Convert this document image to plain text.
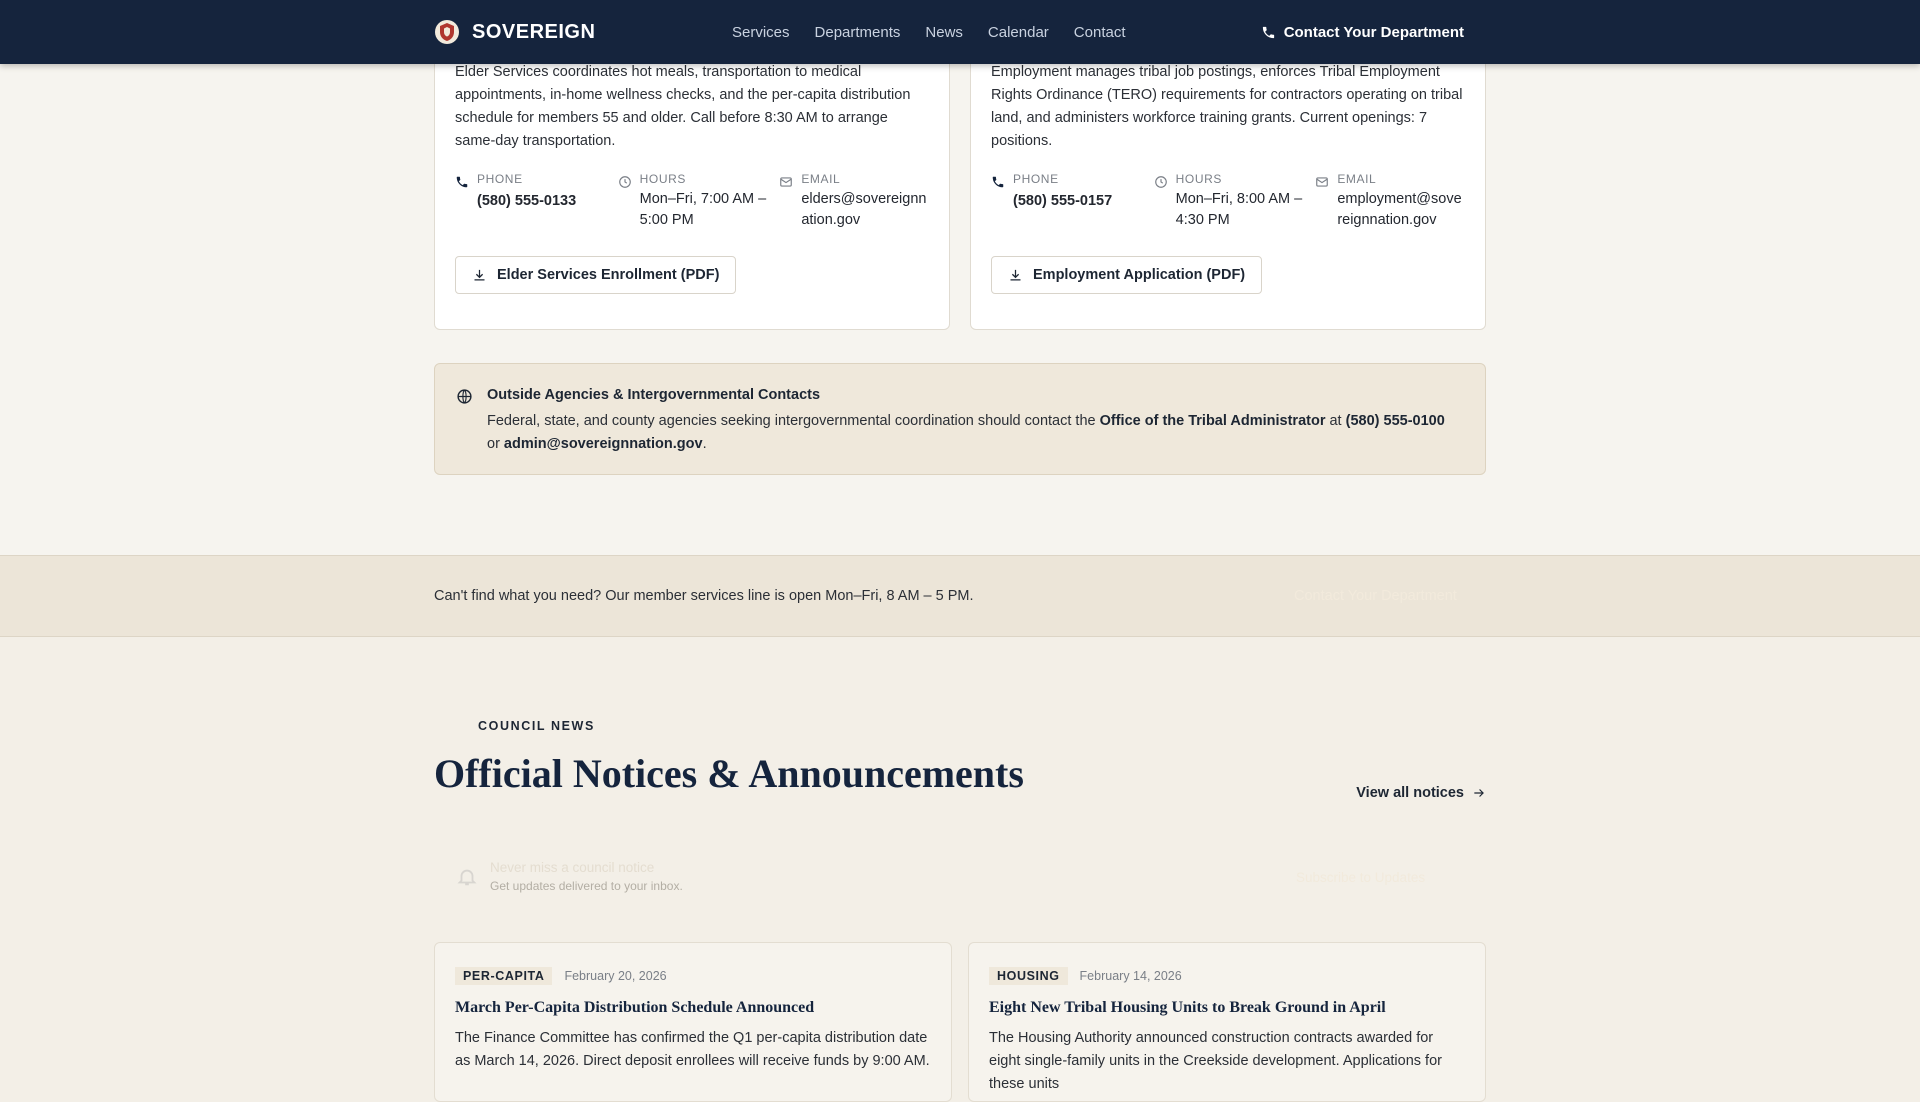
Elder Services coordinates hot meals, transportation to medical appointments, in-home wellness checks, and the per-capita distribution schedule for members 55 and older. Call before 8:30 AM to arrange same-day transportation.

PHONE
(580) 555-0133
HOURS
Mon–Fri, 7:00 AM – 5:00 PM
EMAIL
elders@sovereignnation.gov
Elder Services Enrollment (PDF)

Employment manages tribal job postings, enforces Tribal Employment Rights Ordinance (TERO) requirements for contractors operating on tribal land, and administers workforce training grants. Current openings: 7 positions.

PHONE
(580) 555-0157
HOURS
Mon–Fri, 8:00 AM – 4:30 PM
EMAIL
employment@sovereignnation.gov
Employment Application (PDF)
Outside Agencies & Intergovernmental Contacts
Federal, state, and county agencies seeking intergovernmental coordination should contact the Office of the Tribal Administrator at (580) 555-0100 or admin@sovereignnation.gov.
SOVEREIGN	Services Departments News Calendar Contact	Contact Your Department
Can't find what you need? Our member services line is open Mon–Fri, 8 AM – 5 PM.	Contact Your Department
COUNCIL NEWS
Official Notices & Announcements	View all notices
Never miss a council notice
Get updates delivered to your inbox.
Subscribe to Updates
PER-CAPITA	February 20, 2026
March Per-Capita Distribution Schedule Announced

The Finance Committee has confirmed the Q1 per-capita distribution date as March 14, 2026. Direct deposit enrollees will receive funds by 9:00 AM.

HOUSING	February 14, 2026
Eight New Tribal Housing Units to Break Ground in April

The Housing Authority announced construction contracts awarded for eight single-family units in the Creekside development. Applications for these units
